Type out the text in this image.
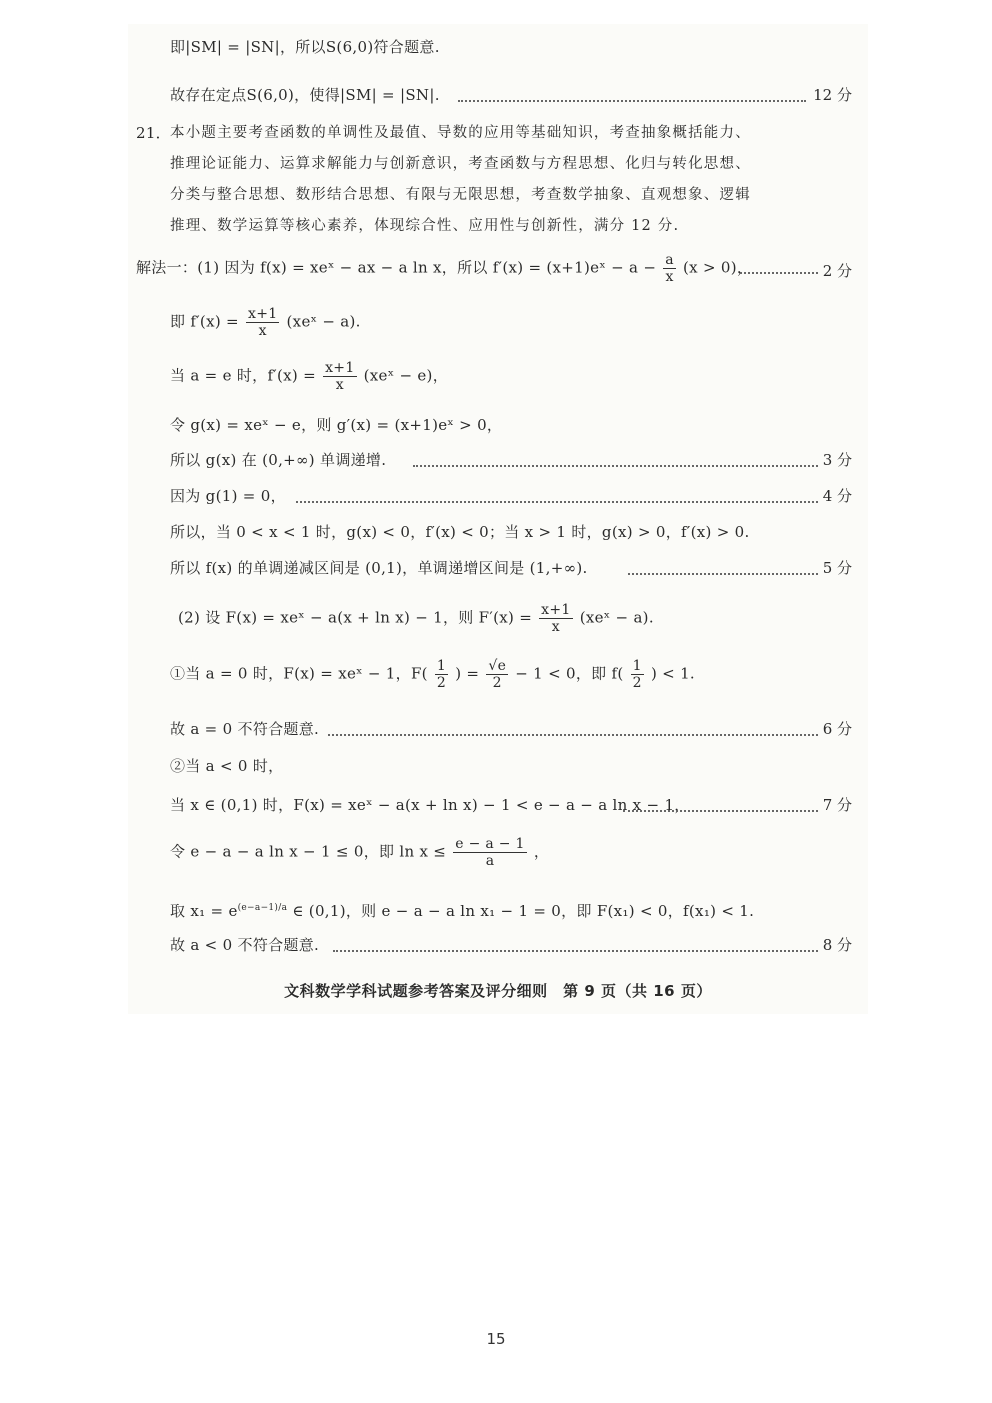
即|SM| = |SN|，所以S(6,0)符合题意.
故存在定点S(6,0)，使得|SM| = |SN|.	12 分
21． 本小题主要考查函数的单调性及最值、导数的应用等基础知识，考查抽象概括能力、
推理论证能力、运算求解能力与创新意识，考查函数与方程思想、化归与转化思想、
分类与整合思想、数形结合思想、有限与无限思想，考查数学抽象、直观想象、逻辑
推理、数学运算等核心素养，体现综合性、应用性与创新性，满分 12 分.
解法一：(1) 因为 f(x) = xeˣ − ax − a ln x，所以 f′(x) = (x+1)eˣ − $a - \frac{a}{x} (x > 0)$，	2 分
即 $f'(x) = \frac{x+1}{x}$ (xeˣ − a).
当 a = e 时，$f'(x) = \frac{x+1}{x}$ (xeˣ − e)，
令 g(x) = xeˣ − e，则 g′(x) = (x+1)eˣ > 0，
所以 g(x) 在 (0,+∞) 单调递增.	3 分
因为 g(1) = 0，	4 分
所以，当 0 < x < 1 时，g(x) < 0，f′(x) < 0；当 x > 1 时，g(x) > 0，f′(x) > 0.
所以 f(x) 的单调递减区间是 (0,1)，单调递增区间是 (1,+∞).	5 分
(2) 设 F(x) = xeˣ − a(x + ln x) − 1，则 $F'(x) = \frac{x+1}{x}$ (xeˣ − a).
①当 a = 0 时，F(x) = xeˣ − 1，$F( \frac{1}{2}$ ) = $\frac{√e}{2} - 1 < 0$，即 $f( \frac{1}{2}$ ) < 1.
故 a = 0 不符合题意.	6 分
②当 a < 0 时，
当 x ∈ (0,1) 时，F(x) = xeˣ − a(x + ln x) − 1 < e − a − a ln x − 1，	7 分
令 e − a − a ln x − 1 ≤ 0，即 $\ln x \le \frac{e - a - 1}{a}$ ，
取 $x_1 = e^{(e-a-1)/a}$ ∈ (0,1)，则 e − a − a ln x₁ − 1 = 0，即 F(x₁) < 0，f(x₁) < 1.
故 a < 0 不符合题意.	8 分
文科数学学科试题参考答案及评分细则　第 9 页（共 16 页）
15
